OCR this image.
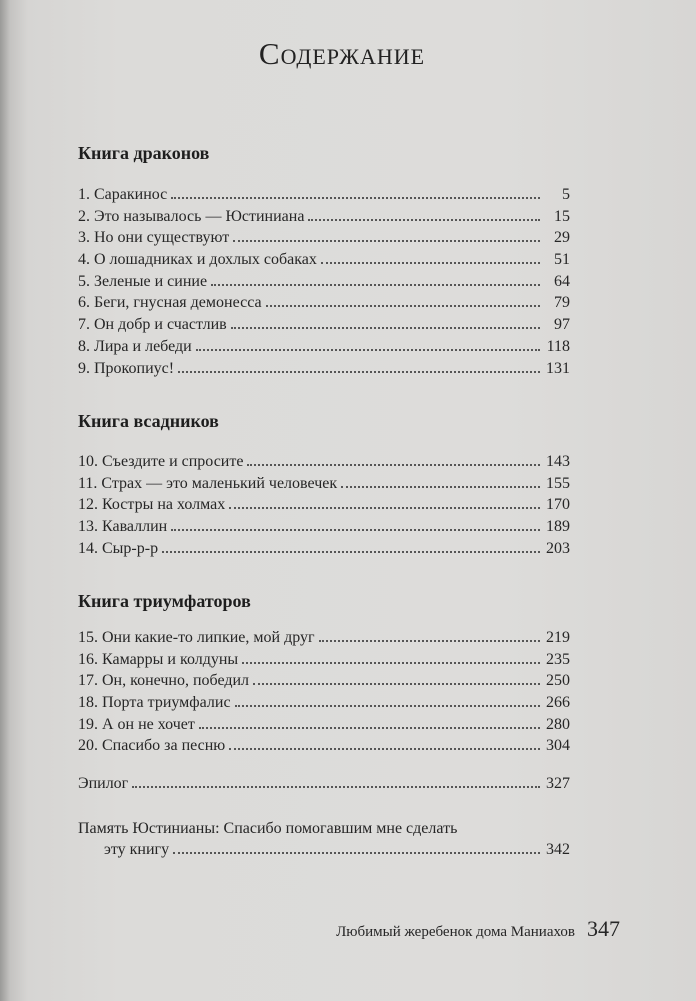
Содержание
Книга драконов
1. Саракинос	5
2. Это называлось — Юстиниана	15
3. Но они существуют	29
4. О лошадниках и дохлых собаках	51
5. Зеленые и синие	64
6. Беги, гнусная демонесса	79
7. Он добр и счастлив	97
8. Лира и лебеди	118
9. Прокопиус!	131
Книга всадников
10. Съездите и спросите	143
11. Страх — это маленький человечек	155
12. Костры на холмах	170
13. Каваллин	189
14. Сыр-р-р	203
Книга триумфаторов
15. Они какие-то липкие, мой друг	219
16. Камарры и колдуны	235
17. Он, конечно, победил	250
18. Порта триумфалис	266
19. А он не хочет	280
20. Спасибо за песню	304
Эпилог	327
Память Юстинианы: Спасибо помогавшим мне сделать
эту книгу	342
Любимый жеребенок дома Маниахов 347
